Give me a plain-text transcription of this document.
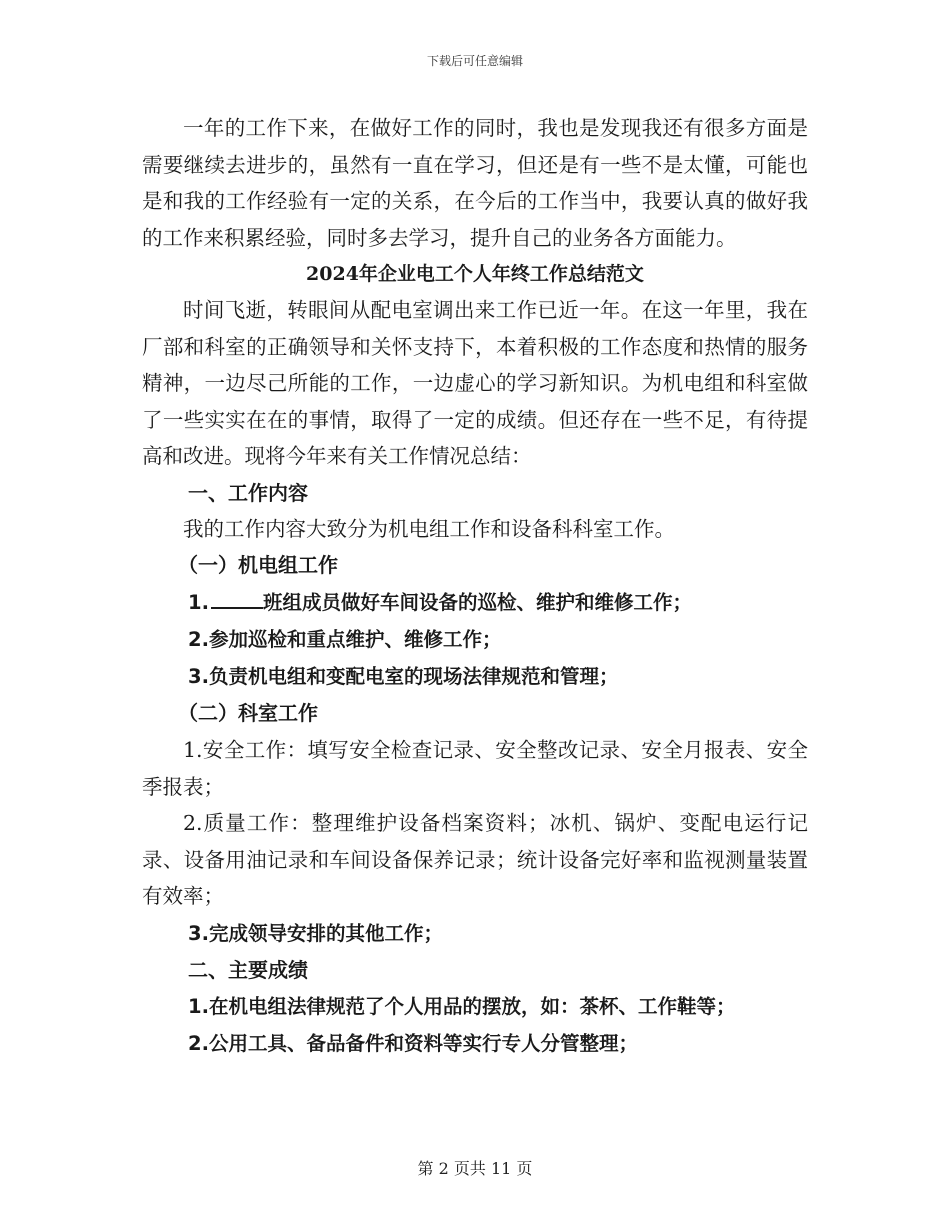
下载后可任意编辑

一年的工作下来，在做好工作的同时，我也是发现我还有很多方面是需要继续去进步的，虽然有一直在学习，但还是有一些不是太懂，可能也是和我的工作经验有一定的关系，在今后的工作当中，我要认真的做好我的工作来积累经验，同时多去学习，提升自己的业务各方面能力。

2024年企业电工个人年终工作总结范文

时间飞逝，转眼间从配电室调出来工作已近一年。在这一年里，我在厂部和科室的正确领导和关怀支持下，本着积极的工作态度和热情的服务精神，一边尽己所能的工作，一边虚心的学习新知识。为机电组和科室做了一些实实在在的事情，取得了一定的成绩。但还存在一些不足，有待提高和改进。现将今年来有关工作情况总结：

一、工作内容

我的工作内容大致分为机电组工作和设备科科室工作。

（一）机电组工作

1.	班组成员做好车间设备的巡检、维护和维修工作；

2.参加巡检和重点维护、维修工作；

3.负责机电组和变配电室的现场法律规范和管理；

（二）科室工作

1.安全工作：填写安全检查记录、安全整改记录、安全月报表、安全季报表；

2.质量工作：整理维护设备档案资料；冰机、锅炉、变配电运行记录、设备用油记录和车间设备保养记录；统计设备完好率和监视测量装置有效率；

3.完成领导安排的其他工作；

二、主要成绩

1.在机电组法律规范了个人用品的摆放，如：茶杯、工作鞋等；

2.公用工具、备品备件和资料等实行专人分管整理；

第 2 页共 11 页
